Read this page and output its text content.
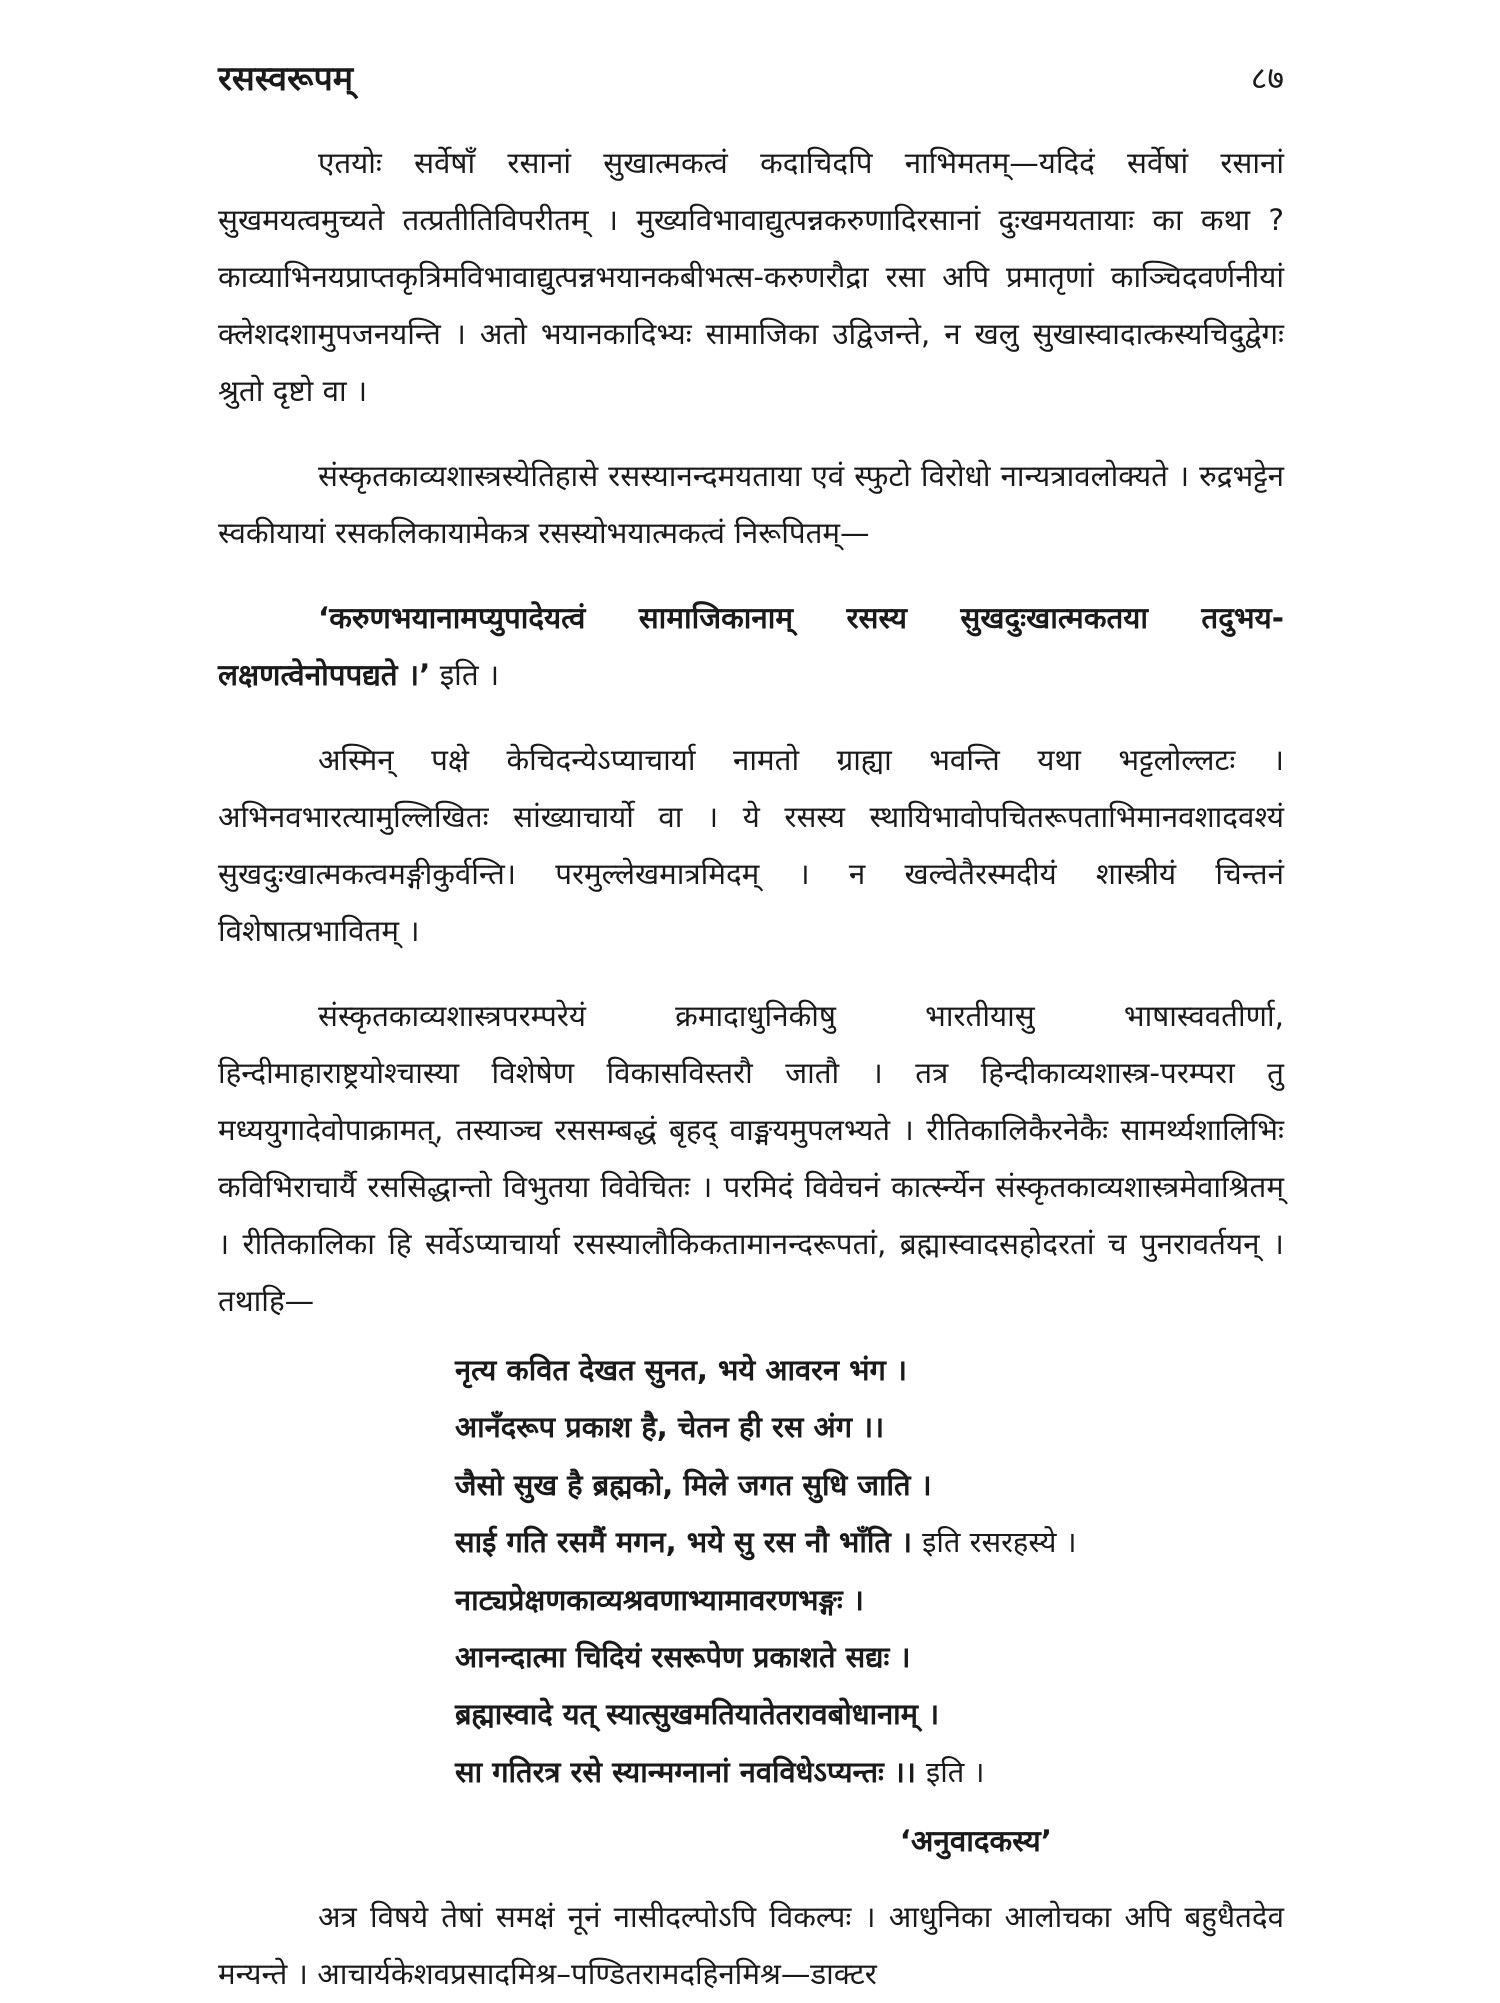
रसस्वरूपम्	८७

एतयोः सर्वेषाँ रसानां सुखात्मकत्वं कदाचिदपि नाभिमतम्—यदिदं सर्वेषां रसानां सुखमयत्वमुच्यते तत्प्रतीतिविपरीतम् । मुख्यविभावाद्युत्पन्नकरुणादिरसानां दुःखमयतायाः का कथा ? काव्याभिनयप्राप्तकृत्रिमविभावाद्युत्पन्नभयानकबीभत्स-करुणरौद्रा रसा अपि प्रमातृणां काञ्चिदवर्णनीयां क्लेशदशामुपजनयन्ति । अतो भयानकादिभ्यः सामाजिका उद्विजन्ते, न खलु सुखास्वादात्कस्यचिदुद्वेगः श्रुतो दृष्टो वा ।

संस्कृतकाव्यशास्त्रस्येतिहासे रसस्यानन्दमयताया एवं स्फुटो विरोधो नान्यत्रावलोक्यते । रुद्रभट्टेन स्वकीयायां रसकलिकायामेकत्र रसस्योभयात्मकत्वं निरूपितम्—

‘करुणभयानामप्युपादेयत्वं सामाजिकानाम् रसस्य सुखदुःखात्मकतया तदुभय-लक्षणत्वेनोपपद्यते ।’ इति ।

अस्मिन् पक्षे केचिदन्येऽप्याचार्या नामतो ग्राह्या भवन्ति यथा भट्टलोल्लटः । अभिनवभारत्यामुल्लिखितः सांख्याचार्यो वा । ये रसस्य स्थायिभावोपचितरूपताभिमानवशादवश्यं सुखदुःखात्मकत्वमङ्गीकुर्वन्ति। परमुल्लेखमात्रमिदम् । न खल्वेतैरस्मदीयं शास्त्रीयं चिन्तनं विशेषात्प्रभावितम् ।

संस्कृतकाव्यशास्त्रपरम्परेयं क्रमादाधुनिकीषु भारतीयासु भाषास्ववतीर्णा, हिन्दीमाहाराष्ट्रयोश्चास्या विशेषेण विकासविस्तरौ जातौ । तत्र हिन्दीकाव्यशास्त्र-परम्परा तु मध्ययुगादेवोपाक्रामत्, तस्याञ्च रससम्बद्धं बृहद् वाङ्मयमुपलभ्यते । रीतिकालिकैरनेकैः सामर्थ्यशालिभिः कविभिराचार्यै रससिद्धान्तो विभुतया विवेचितः । परमिदं विवेचनं कार्त्स्न्येन संस्कृतकाव्यशास्त्रमेवाश्रितम् । रीतिकालिका हि सर्वेऽप्याचार्या रसस्यालौकिकतामानन्दरूपतां, ब्रह्मास्वादसहोदरतां च पुनरावर्तयन् । तथाहि—

नृत्य कवित देखत सुनत, भये आवरन भंग ।
आनँदरूप प्रकाश है, चेतन ही रस अंग ।।
जैसो सुख है ब्रह्मको, मिले जगत सुधि जाति ।
साई गति रसमैं मगन, भये सु रस नौ भाँति । इति रसरहस्ये ।
नाट्यप्रेक्षणकाव्यश्रवणाभ्यामावरणभङ्गः ।
आनन्दात्मा चिदियं रसरूपेण प्रकाशते सद्यः ।
ब्रह्मास्वादे यत् स्यात्सुखमतियातेतरावबोधानाम् ।
सा गतिरत्र रसे स्यान्मग्नानां नवविधेऽप्यन्तः ।। इति ।
‘अनुवादकस्य’

अत्र विषये तेषां समक्षं नूनं नासीदल्पोऽपि विकल्पः । आधुनिका आलोचका अपि बहुधैतदेव मन्यन्ते । आचार्यकेशवप्रसादमिश्र–पण्डितरामदहिनमिश्र—डाक्टर
